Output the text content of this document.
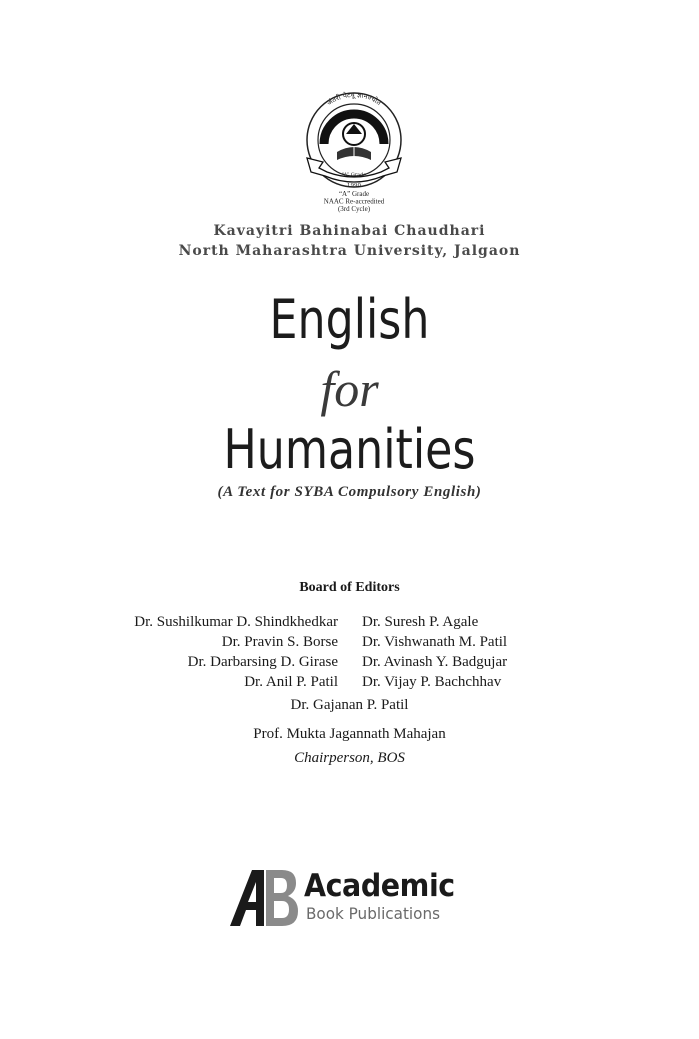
अंतरी पेटवू ज्ञानज्योत
“A” Grade
1990
“A” Grade
NAAC Re-accredited
(3rd Cycle)
Kavayitri Bahinabai Chaudhari
North Maharashtra University, Jalgaon
English
for
Humanities
(A Text for SYBA Compulsory English)
Board of Editors
Dr. Sushilkumar D. Shindkhedkar
Dr. Pravin S. Borse
Dr. Darbarsing D. Girase
Dr. Anil P. Patil
Dr. Suresh P. Agale
Dr. Vishwanath M. Patil
Dr. Avinash Y. Badgujar
Dr. Vijay P. Bachchhav
Dr. Gajanan P. Patil
Prof. Mukta Jagannath Mahajan
Chairperson, BOS
Academic
Book Publications
